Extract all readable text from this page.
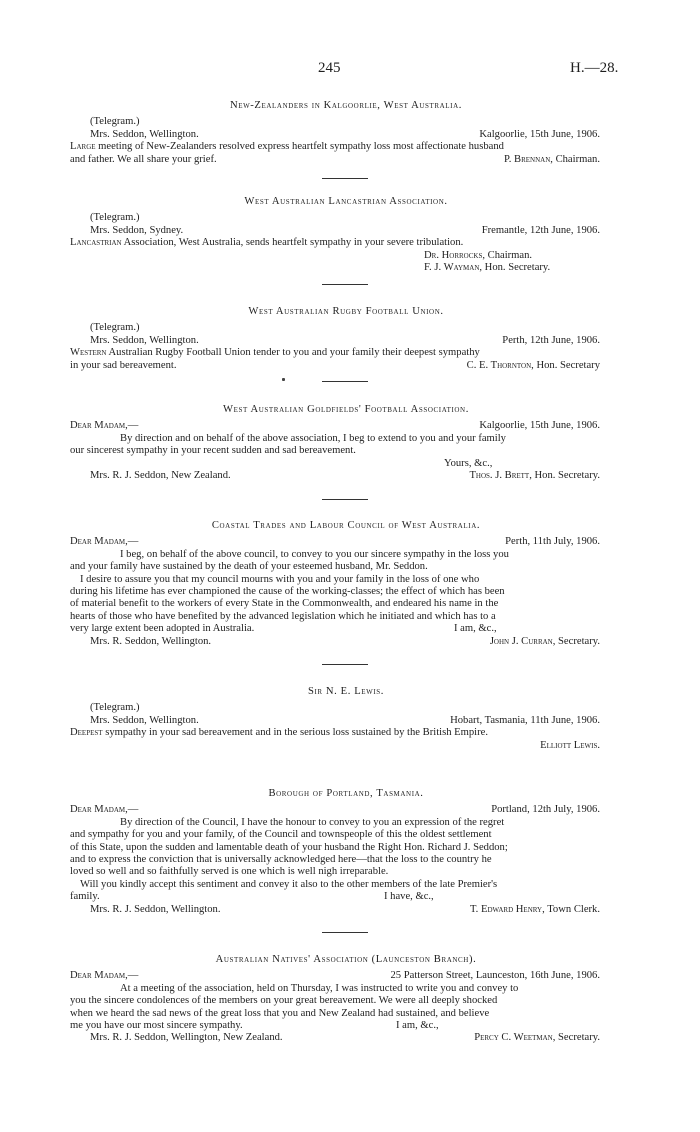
245	H.—28.
New-Zealanders in Kalgoorlie, West Australia.
(Telegram.)
Mrs. Seddon, Wellington.	Kalgoorlie, 15th June, 1906.
Large meeting of New-Zealanders resolved express heartfelt sympathy loss most affectionate husband
and father. We all share your grief.	P. Brennan, Chairman.
West Australian Lancastrian Association.
(Telegram.)
Mrs. Seddon, Sydney.	Fremantle, 12th June, 1906.
Lancastrian Association, West Australia, sends heartfelt sympathy in your severe tribulation.
Dr. Horrocks, Chairman.
F. J. Wayman, Hon. Secretary.
West Australian Rugby Football Union.
(Telegram.)
Mrs. Seddon, Wellington.	Perth, 12th June, 1906.
Western Australian Rugby Football Union tender to you and your family their deepest sympathy
in your sad bereavement.	C. E. Thornton, Hon. Secretary
West Australian Goldfields' Football Association.
Dear Madam,—	Kalgoorlie, 15th June, 1906.
By direction and on behalf of the above association, I beg to extend to you and your family
our sincerest sympathy in your recent sudden and sad bereavement.
Yours, &c.,
Mrs. R. J. Seddon, New Zealand.	Thos. J. Brett, Hon. Secretary.
Coastal Trades and Labour Council of West Australia.
Dear Madam,—	Perth, 11th July, 1906.
I beg, on behalf of the above council, to convey to you our sincere sympathy in the loss you
and your family have sustained by the death of your esteemed husband, Mr. Seddon.
I desire to assure you that my council mourns with you and your family in the loss of one who
during his lifetime has ever championed the cause of the working-classes; the effect of which has been
of material benefit to the workers of every State in the Commonwealth, and endeared his name in the
hearts of those who have benefited by the advanced legislation which he initiated and which has to a
very large extent been adopted in Australia.	I am, &c.,
Mrs. R. Seddon, Wellington.	John J. Curran, Secretary.
Sir N. E. Lewis.
(Telegram.)
Mrs. Seddon, Wellington.	Hobart, Tasmania, 11th June, 1906.
Deepest sympathy in your sad bereavement and in the serious loss sustained by the British Empire.
Elliott Lewis.
Borough of Portland, Tasmania.
Dear Madam,—	Portland, 12th July, 1906.
By direction of the Council, I have the honour to convey to you an expression of the regret
and sympathy for you and your family, of the Council and townspeople of this the oldest settlement
of this State, upon the sudden and lamentable death of your husband the Right Hon. Richard J. Seddon;
and to express the conviction that is universally acknowledged here—that the loss to the country he
loved so well and so faithfully served is one which is well nigh irreparable.
Will you kindly accept this sentiment and convey it also to the other members of the late Premier's
family.	I have, &c.,
Mrs. R. J. Seddon, Wellington.	T. Edward Henry, Town Clerk.
Australian Natives' Association (Launceston Branch).
Dear Madam,—	25 Patterson Street, Launceston, 16th June, 1906.
At a meeting of the association, held on Thursday, I was instructed to write you and convey to
you the sincere condolences of the members on your great bereavement. We were all deeply shocked
when we heard the sad news of the great loss that you and New Zealand had sustained, and believe
me you have our most sincere sympathy.	I am, &c.,
Mrs. R. J. Seddon, Wellington, New Zealand.	Percy C. Weetman, Secretary.
